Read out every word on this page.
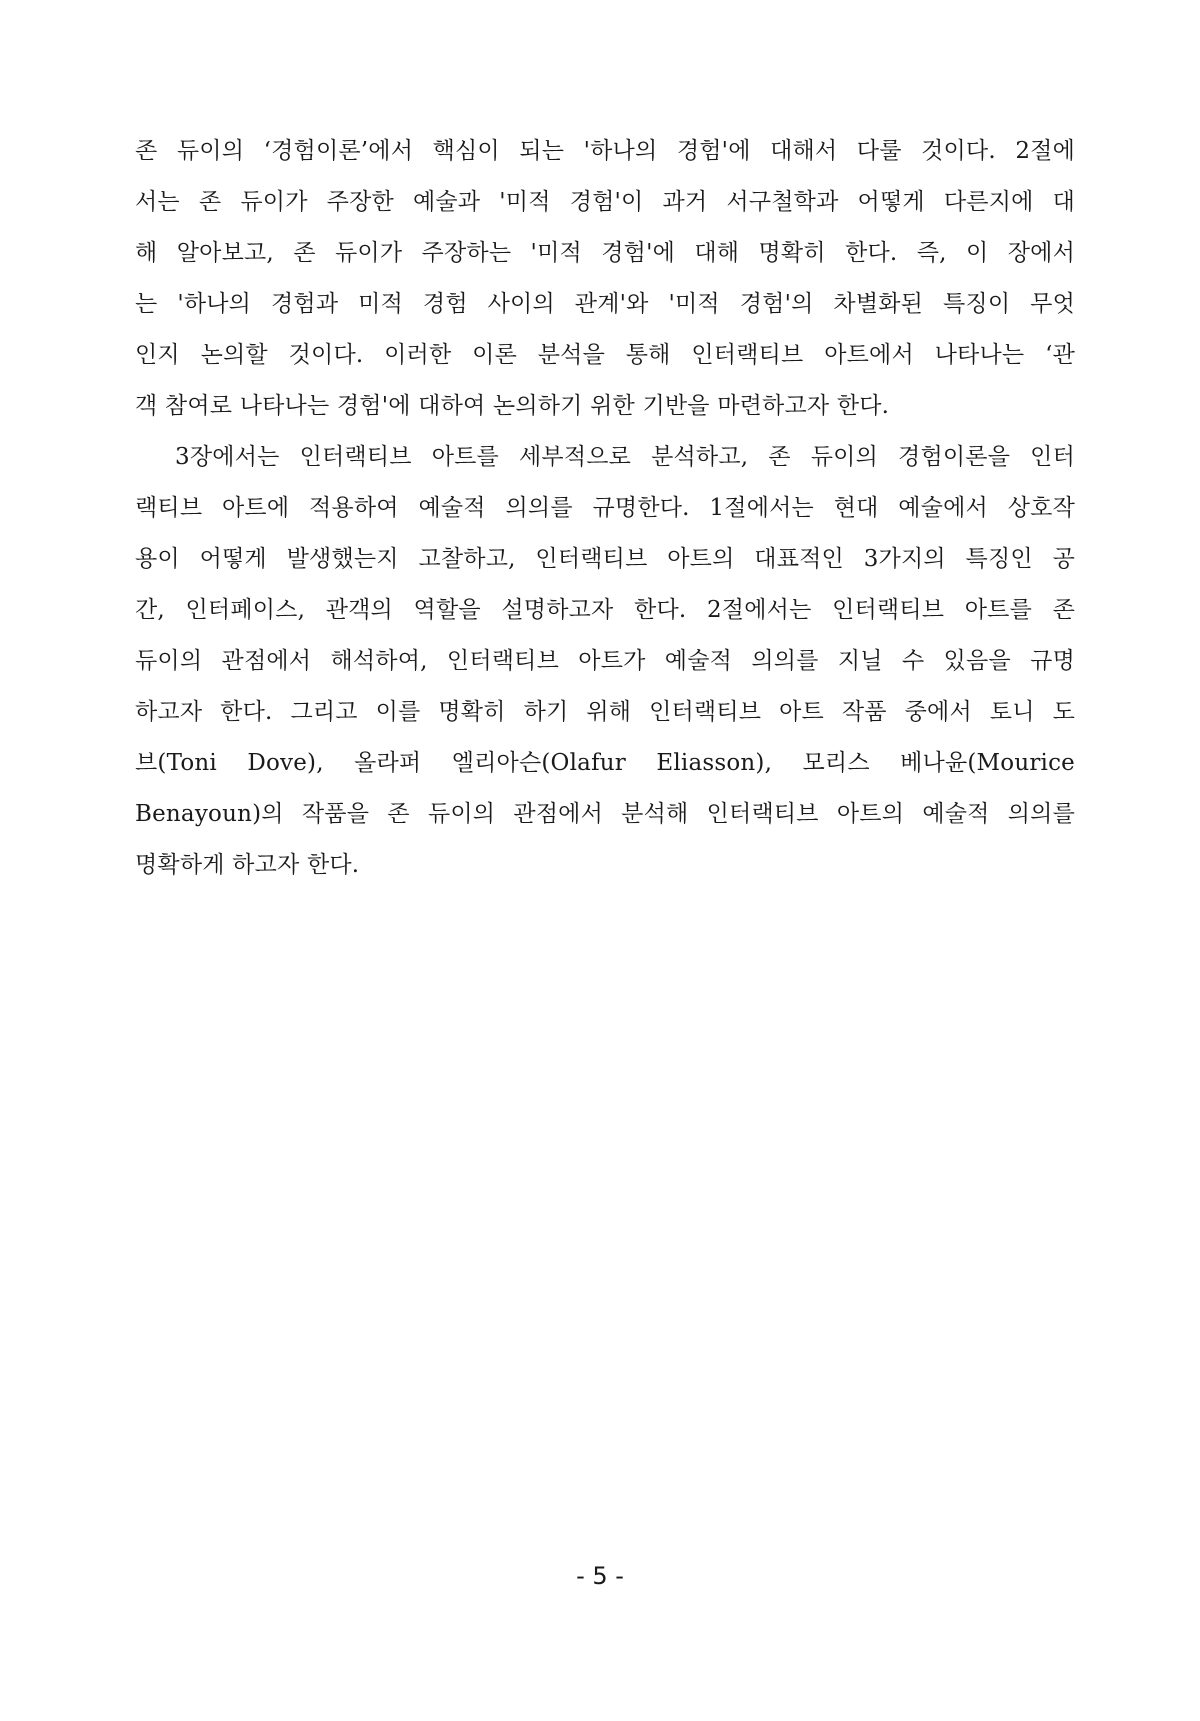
존 듀이의 ‘경험이론’에서 핵심이 되는 '하나의 경험'에 대해서 다룰 것이다. 2절에
서는 존 듀이가 주장한 예술과 '미적 경험'이 과거 서구철학과 어떻게 다른지에 대
해 알아보고, 존 듀이가 주장하는 '미적 경험'에 대해 명확히 한다. 즉, 이 장에서
는 '하나의 경험과 미적 경험 사이의 관계'와 '미적 경험'의 차별화된 특징이 무엇
인지 논의할 것이다. 이러한 이론 분석을 통해 인터랙티브 아트에서 나타나는 ‘관
객 참여로 나타나는 경험'에 대하여 논의하기 위한 기반을 마련하고자 한다.
3장에서는 인터랙티브 아트를 세부적으로 분석하고, 존 듀이의 경험이론을 인터
랙티브 아트에 적용하여 예술적 의의를 규명한다. 1절에서는 현대 예술에서 상호작
용이 어떻게 발생했는지 고찰하고, 인터랙티브 아트의 대표적인 3가지의 특징인 공
간, 인터페이스, 관객의 역할을 설명하고자 한다. 2절에서는 인터랙티브 아트를 존
듀이의 관점에서 해석하여, 인터랙티브 아트가 예술적 의의를 지닐 수 있음을 규명
하고자 한다. 그리고 이를 명확히 하기 위해 인터랙티브 아트 작품 중에서 토니 도
브(Toni Dove), 올라퍼 엘리아슨(Olafur Eliasson), 모리스 베나윤(Mourice
Benayoun)의 작품을 존 듀이의 관점에서 분석해 인터랙티브 아트의 예술적 의의를
명확하게 하고자 한다.
- 5 -
